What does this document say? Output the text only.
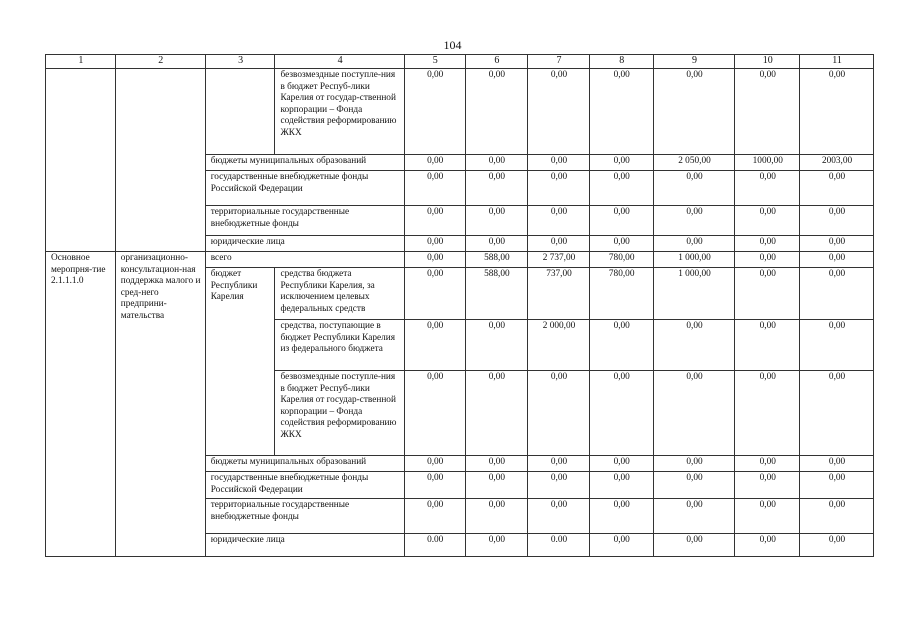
104
1	2	3	4	5	6	7	8	9	10	11
			безвозмездные поступле-ния в бюджет Респуб-лики Карелия от государ-ственной корпорации – Фонда содействия реформированию ЖКХ	0,00	0,00	0,00	0,00	0,00	0,00	0,00
		бюджеты муниципальных образований		0,00	0,00	0,00	0,00	2 050,00	1000,00	2003,00
		государственные внебюджетные фонды Российской Федерации		0,00	0,00	0,00	0,00	0,00	0,00	0,00
		территориальные государственные внебюджетные фонды		0,00	0,00	0,00	0,00	0,00	0,00	0,00
		юридические лица		0,00	0,00	0,00	0,00	0,00	0,00	0,00
Основное меропрня-тие 2.1.1.1.0	организационно-консультацион-ная поддержка малого и сред-него предприни-мательства	всего		0,00	588,00	2 737,00	780,00	1 000,00	0,00	0,00
		бюджет Республики Карелия	средства бюджета Республики Карелия, за исключением целевых федеральных средств	0,00	588,00	737,00	780,00	1 000,00	0,00	0,00
			средства, поступающие в бюджет Республики Карелия из федерального бюджета	0,00	0,00	2 000,00	0,00	0,00	0,00	0,00
			безвозмездные поступле-ния в бюджет Респуб-лики Карелия от государ-ственной корпорации – Фонда содействия реформированию ЖКХ	0,00	0,00	0,00	0,00	0,00	0,00	0,00
		бюджеты муниципальных образований		0,00	0,00	0,00	0,00	0,00	0,00	0,00
		государственные внебюджетные фонды Российской Федерации		0,00	0,00	0,00	0,00	0,00	0,00	0,00
		территориальные государственные внебюджетные фонды		0,00	0,00	0,00	0,00	0,00	0,00	0,00
		юридические лица		0.00	0,00	0.00	0,00	0,00	0,00	0,00
